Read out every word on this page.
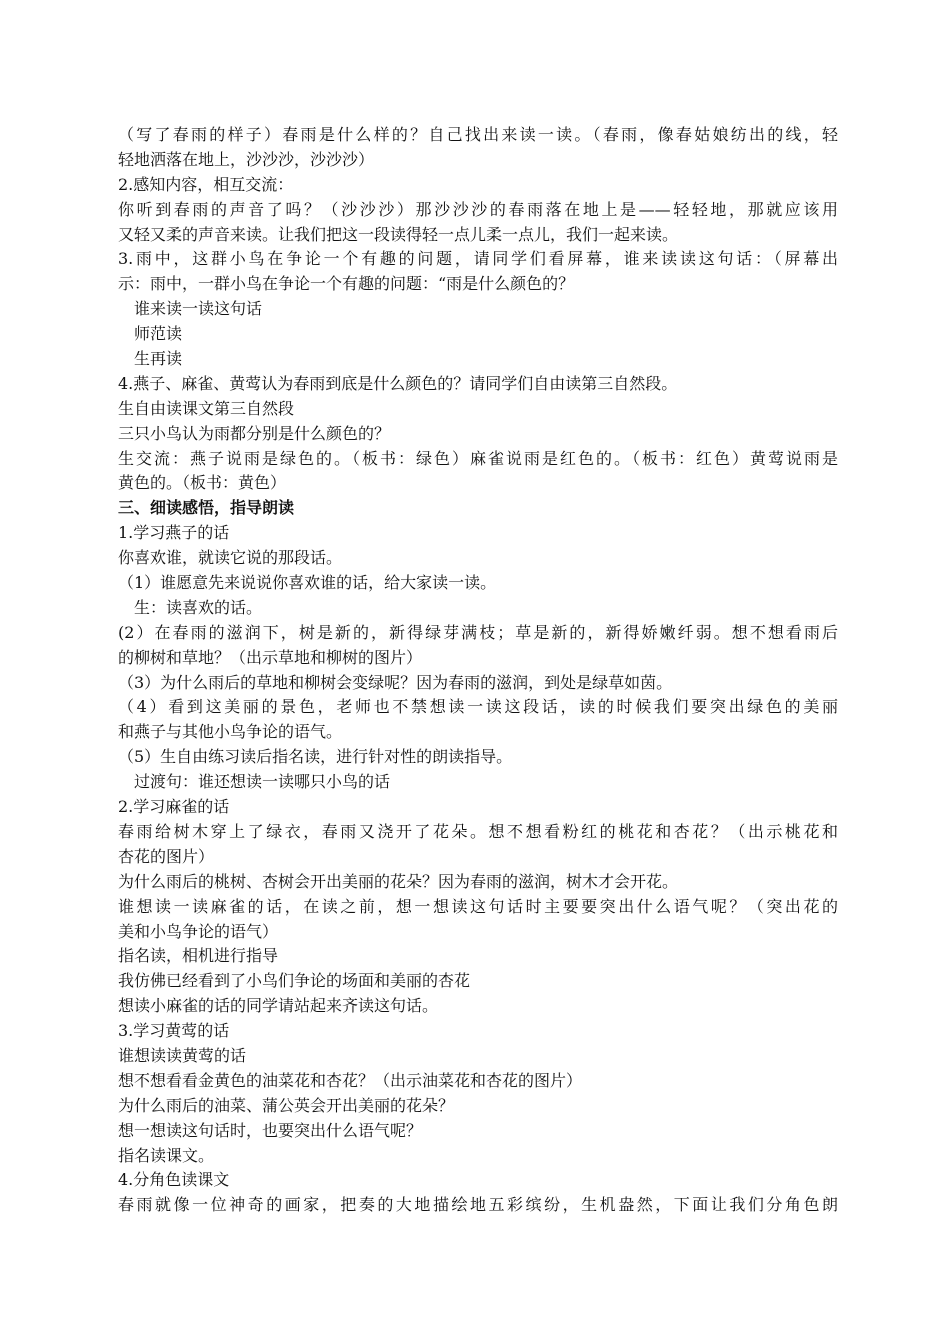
（写了春雨的样子）春雨是什么样的？自己找出来读一读。（春雨，像春姑娘纺出的线，轻
轻地洒落在地上，沙沙沙，沙沙沙）
2.感知内容，相互交流：
你听到春雨的声音了吗？（沙沙沙）那沙沙沙的春雨落在地上是——轻轻地，那就应该用
又轻又柔的声音来读。让我们把这一段读得轻一点儿柔一点儿，我们一起来读。
3.雨中，这群小鸟在争论一个有趣的问题，请同学们看屏幕，谁来读读这句话：（屏幕出
示：雨中，一群小鸟在争论一个有趣的问题：“雨是什么颜色的？
谁来读一读这句话
师范读
生再读
4.燕子、麻雀、黄莺认为春雨到底是什么颜色的？请同学们自由读第三自然段。
生自由读课文第三自然段
三只小鸟认为雨都分别是什么颜色的？
生交流：燕子说雨是绿色的。（板书：绿色）麻雀说雨是红色的。（板书：红色）黄莺说雨是
黄色的。（板书：黄色）
三、细读感悟，指导朗读
1.学习燕子的话
你喜欢谁，就读它说的那段话。
（1）谁愿意先来说说你喜欢谁的话，给大家读一读。
生：读喜欢的话。
(2）在春雨的滋润下，树是新的，新得绿芽满枝；草是新的，新得娇嫩纤弱。想不想看雨后
的柳树和草地？（出示草地和柳树的图片）
（3）为什么雨后的草地和柳树会变绿呢？因为春雨的滋润，到处是绿草如茵。
（4）看到这美丽的景色，老师也不禁想读一读这段话，读的时候我们要突出绿色的美丽
和燕子与其他小鸟争论的语气。
（5）生自由练习读后指名读，进行针对性的朗读指导。
过渡句：谁还想读一读哪只小鸟的话
2.学习麻雀的话
春雨给树木穿上了绿衣，春雨又浇开了花朵。想不想看粉红的桃花和杏花？（出示桃花和
杏花的图片）
为什么雨后的桃树、杏树会开出美丽的花朵？因为春雨的滋润，树木才会开花。
谁想读一读麻雀的话，在读之前，想一想读这句话时主要要突出什么语气呢？（突出花的
美和小鸟争论的语气）
指名读，相机进行指导
我仿佛已经看到了小鸟们争论的场面和美丽的杏花
想读小麻雀的话的同学请站起来齐读这句话。
3.学习黄莺的话
谁想读读黄莺的话
想不想看看金黄色的油菜花和杏花？（出示油菜花和杏花的图片）
为什么雨后的油菜、蒲公英会开出美丽的花朵？
想一想读这句话时，也要突出什么语气呢？
指名读课文。
4.分角色读课文
春雨就像一位神奇的画家，把奏的大地描绘地五彩缤纷，生机盎然，下面让我们分角色朗
